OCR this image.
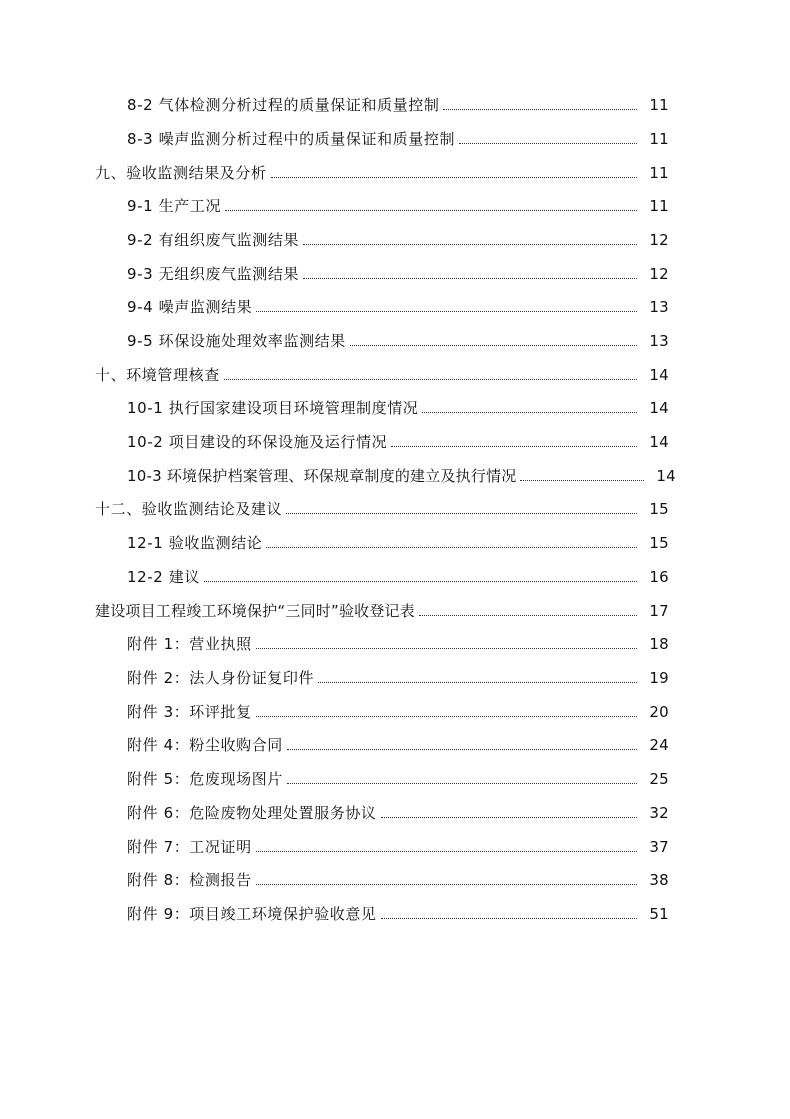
8-2 气体检测分析过程的质量保证和质量控制	11
8-3 噪声监测分析过程中的质量保证和质量控制	11
九、验收监测结果及分析	11
9-1 生产工况	11
9-2 有组织废气监测结果	12
9-3 无组织废气监测结果	12
9-4 噪声监测结果	13
9-5 环保设施处理效率监测结果	13
十、环境管理核查	14
10-1 执行国家建设项目环境管理制度情况	14
10-2 项目建设的环保设施及运行情况	14
10-3 环境保护档案管理、环保规章制度的建立及执行情况	14
十二、验收监测结论及建议	15
12-1 验收监测结论	15
12-2 建议	16
建设项目工程竣工环境保护“三同时”验收登记表	17
附件 1：营业执照	18
附件 2：法人身份证复印件	19
附件 3：环评批复	20
附件 4：粉尘收购合同	24
附件 5：危废现场图片	25
附件 6：危险废物处理处置服务协议	32
附件 7：工况证明	37
附件 8：检测报告	38
附件 9：项目竣工环境保护验收意见	51
